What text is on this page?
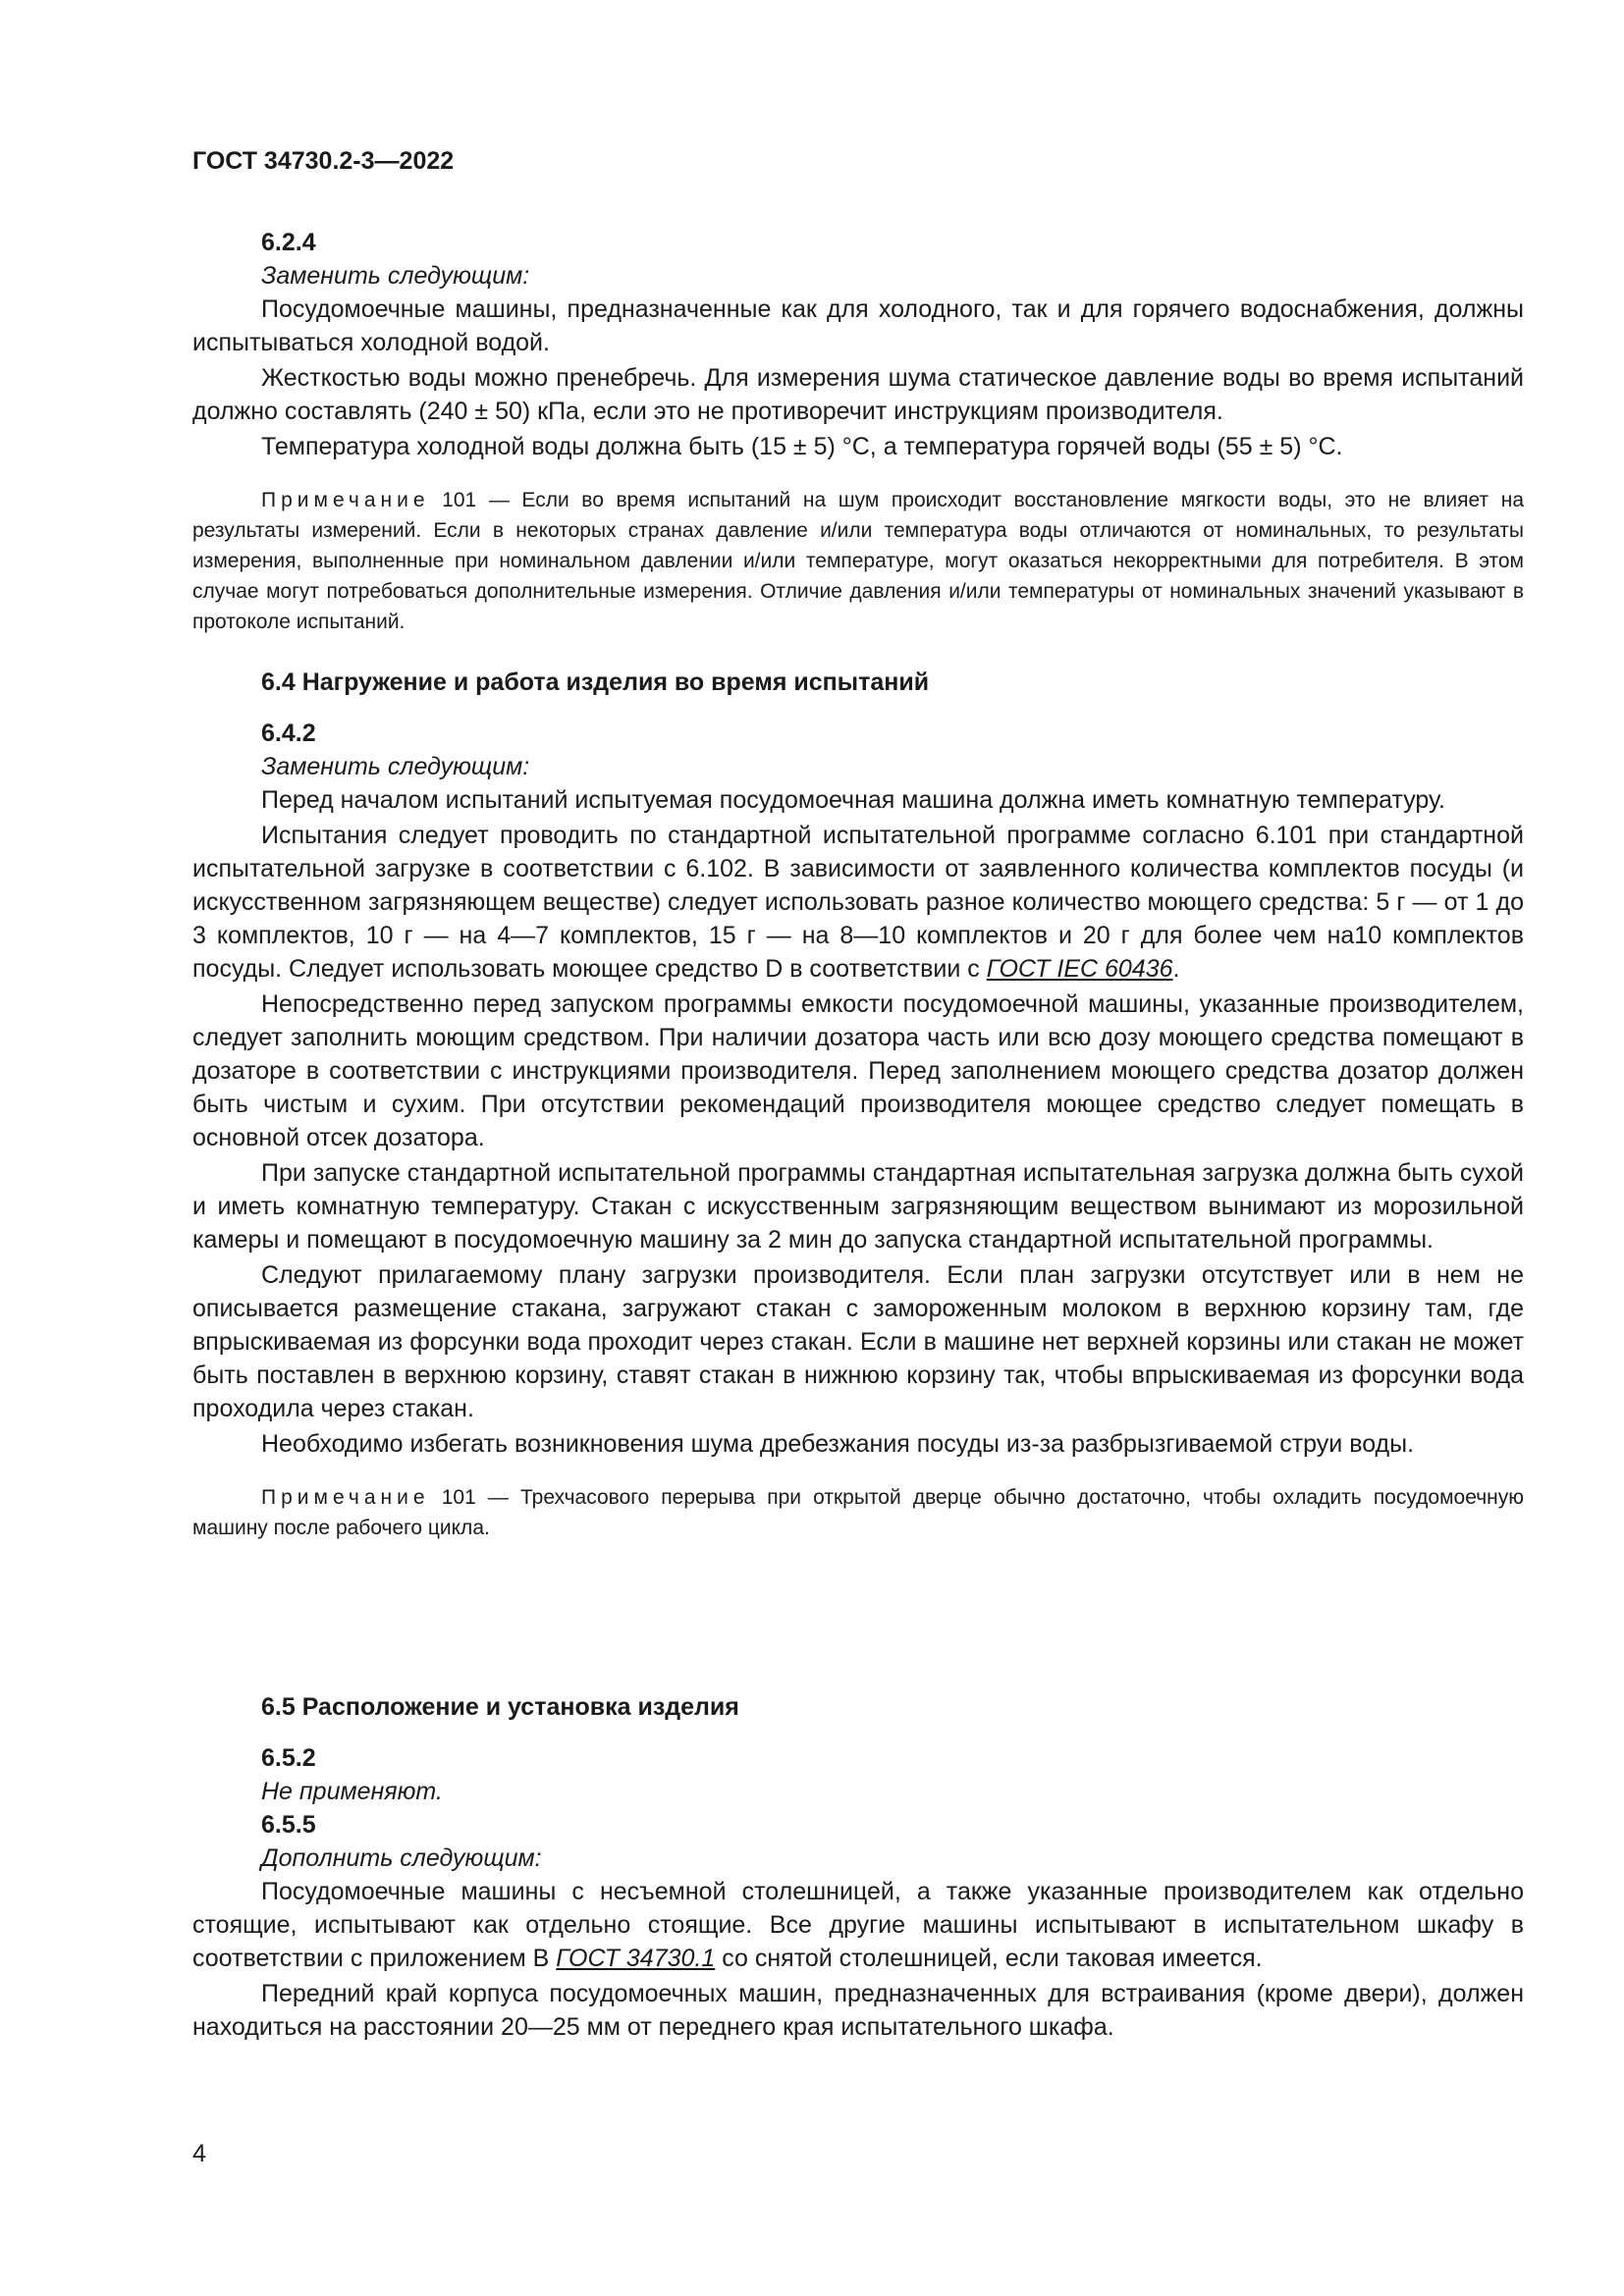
ГОСТ 34730.2-3—2022

6.2.4

Заменить следующим:

Посудомоечные машины, предназначенные как для холодного, так и для горячего водоснабжения, должны испытываться холодной водой.

Жесткостью воды можно пренебречь. Для измерения шума статическое давление воды во время испытаний должно составлять (240 ± 50) кПа, если это не противоречит инструкциям производителя.

Температура холодной воды должна быть (15 ± 5) °С, а температура горячей воды (55 ± 5) °С.

Примечание 101 — Если во время испытаний на шум происходит восстановление мягкости воды, это не влияет на результаты измерений. Если в некоторых странах давление и/или температура воды отличаются от номинальных, то результаты измерения, выполненные при номинальном давлении и/или температуре, могут оказаться некорректными для потребителя. В этом случае могут потребоваться дополнительные измерения. Отличие давления и/или температуры от номинальных значений указывают в протоколе испытаний.

6.4 Нагружение и работа изделия во время испытаний

6.4.2

Заменить следующим:

Перед началом испытаний испытуемая посудомоечная машина должна иметь комнатную температуру.

Испытания следует проводить по стандартной испытательной программе согласно 6.101 при стандартной испытательной загрузке в соответствии с 6.102. В зависимости от заявленного количества комплектов посуды (и искусственном загрязняющем веществе) следует использовать разное количество моющего средства: 5 г — от 1 до 3 комплектов, 10 г — на 4—7 комплектов, 15 г — на 8—10 комплектов и 20 г для более чем на10 комплектов посуды. Следует использовать моющее средство D в соответствии с ГОСТ IEC 60436.

Непосредственно перед запуском программы емкости посудомоечной машины, указанные производителем, следует заполнить моющим средством. При наличии дозатора часть или всю дозу моющего средства помещают в дозаторе в соответствии с инструкциями производителя. Перед заполнением моющего средства дозатор должен быть чистым и сухим. При отсутствии рекомендаций производителя моющее средство следует помещать в основной отсек дозатора.

При запуске стандартной испытательной программы стандартная испытательная загрузка должна быть сухой и иметь комнатную температуру. Стакан с искусственным загрязняющим веществом вынимают из морозильной камеры и помещают в посудомоечную машину за 2 мин до запуска стандартной испытательной программы.

Следуют прилагаемому плану загрузки производителя. Если план загрузки отсутствует или в нем не описывается размещение стакана, загружают стакан с замороженным молоком в верхнюю корзину там, где впрыскиваемая из форсунки вода проходит через стакан. Если в машине нет верхней корзины или стакан не может быть поставлен в верхнюю корзину, ставят стакан в нижнюю корзину так, чтобы впрыскиваемая из форсунки вода проходила через стакан.

Необходимо избегать возникновения шума дребезжания посуды из-за разбрызгиваемой струи воды.

Примечание 101 — Трехчасового перерыва при открытой дверце обычно достаточно, чтобы охладить посудомоечную машину после рабочего цикла.

6.5 Расположение и установка изделия

6.5.2

Не применяют.

6.5.5

Дополнить следующим:

Посудомоечные машины с несъемной столешницей, а также указанные производителем как отдельно стоящие, испытывают как отдельно стоящие. Все другие машины испытывают в испытательном шкафу в соответствии с приложением В ГОСТ 34730.1 со снятой столешницей, если таковая имеется.

Передний край корпуса посудомоечных машин, предназначенных для встраивания (кроме двери), должен находиться на расстоянии 20—25 мм от переднего края испытательного шкафа.

4
